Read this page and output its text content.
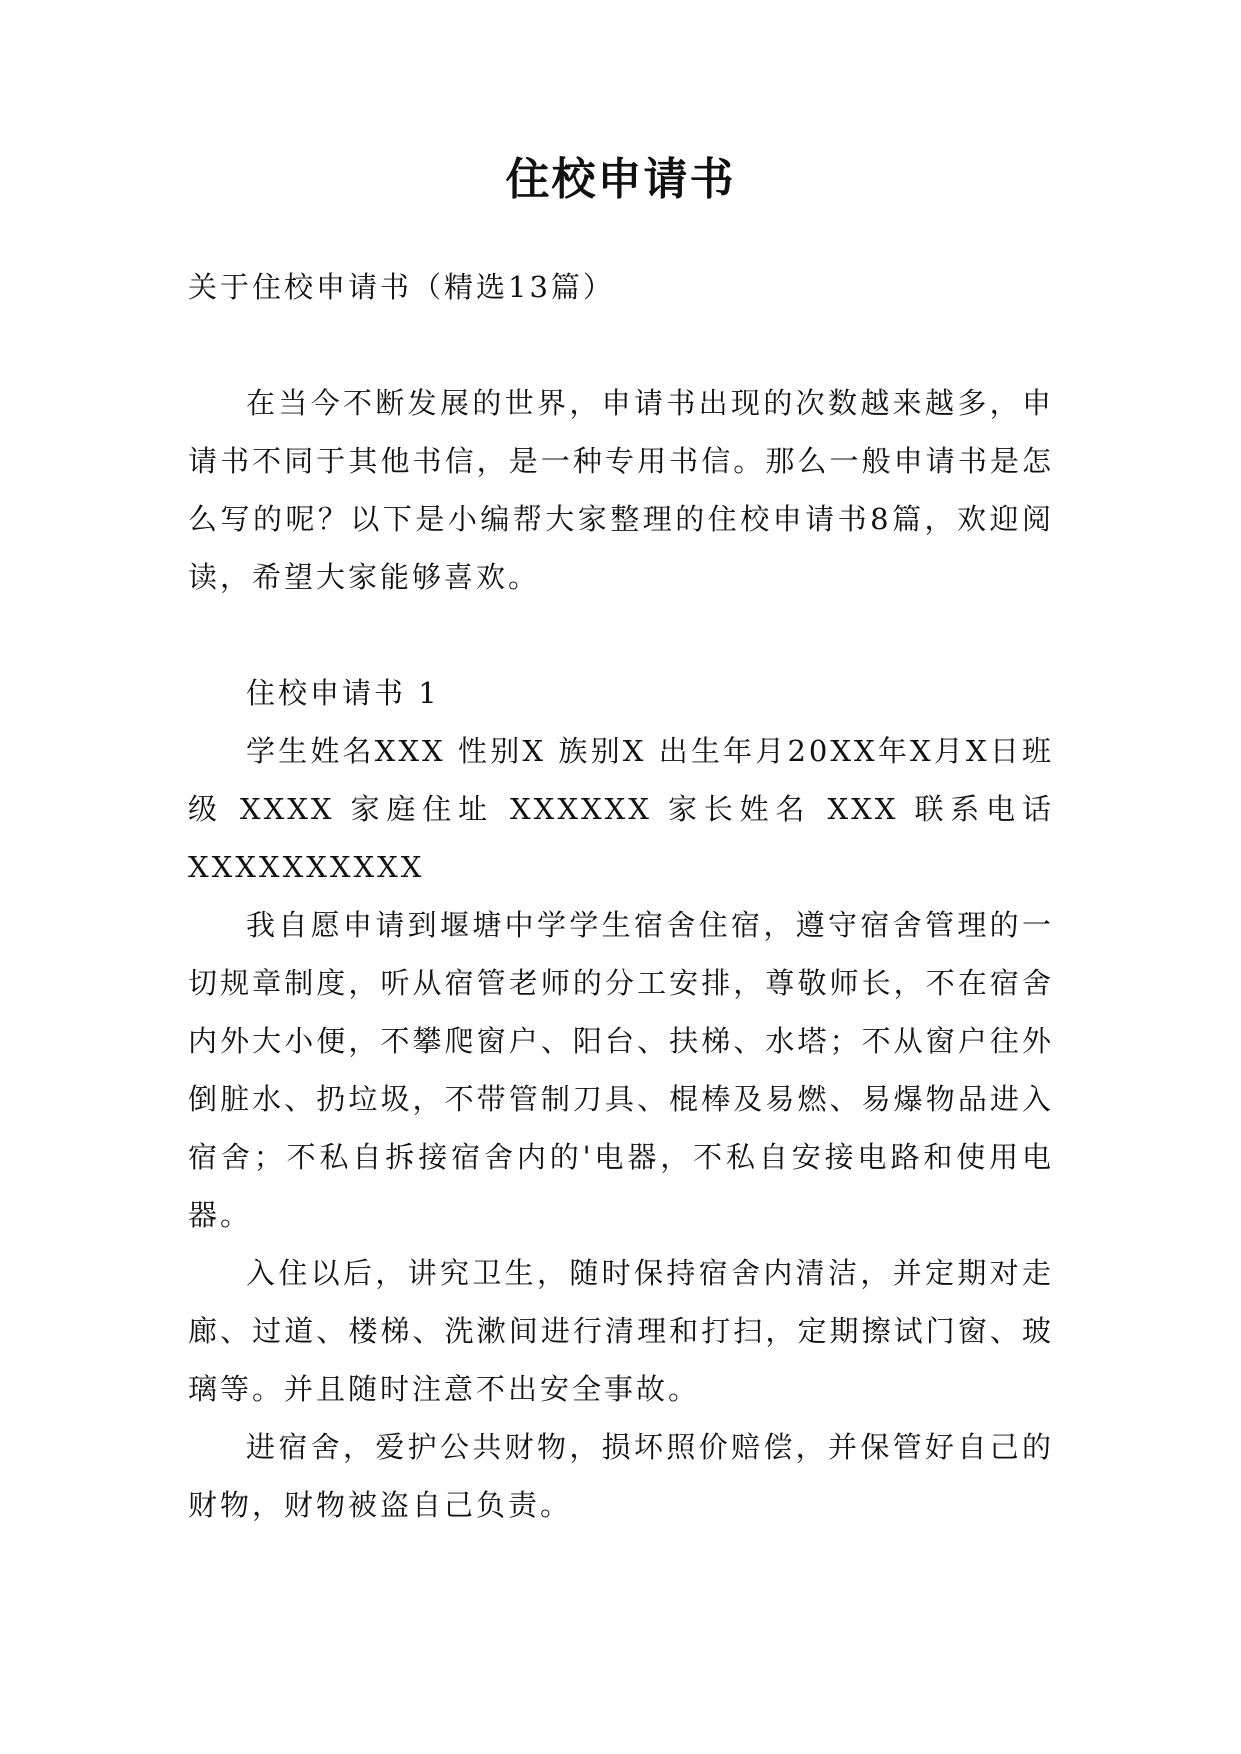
住校申请书

关于住校申请书（精选13篇）

在当今不断发展的世界，申请书出现的次数越来越多，申请书不同于其他书信，是一种专用书信。那么一般申请书是怎么写的呢？以下是小编帮大家整理的住校申请书8篇，欢迎阅读，希望大家能够喜欢。

住校申请书 1

学生姓名XXX 性别X 族别X 出生年月20XX年X月X日班级 XXXX 家庭住址 XXXXXX 家长姓名 XXX 联系电话XXXXXXXXXX

我自愿申请到堰塘中学学生宿舍住宿，遵守宿舍管理的一切规章制度，听从宿管老师的分工安排，尊敬师长，不在宿舍内外大小便，不攀爬窗户、阳台、扶梯、水塔；不从窗户往外倒脏水、扔垃圾，不带管制刀具、棍棒及易燃、易爆物品进入宿舍；不私自拆接宿舍内的'电器，不私自安接电路和使用电器。

入住以后，讲究卫生，随时保持宿舍内清洁，并定期对走廊、过道、楼梯、洗漱间进行清理和打扫，定期擦试门窗、玻璃等。并且随时注意不出安全事故。

进宿舍，爱护公共财物，损坏照价赔偿，并保管好自己的财物，财物被盗自己负责。
